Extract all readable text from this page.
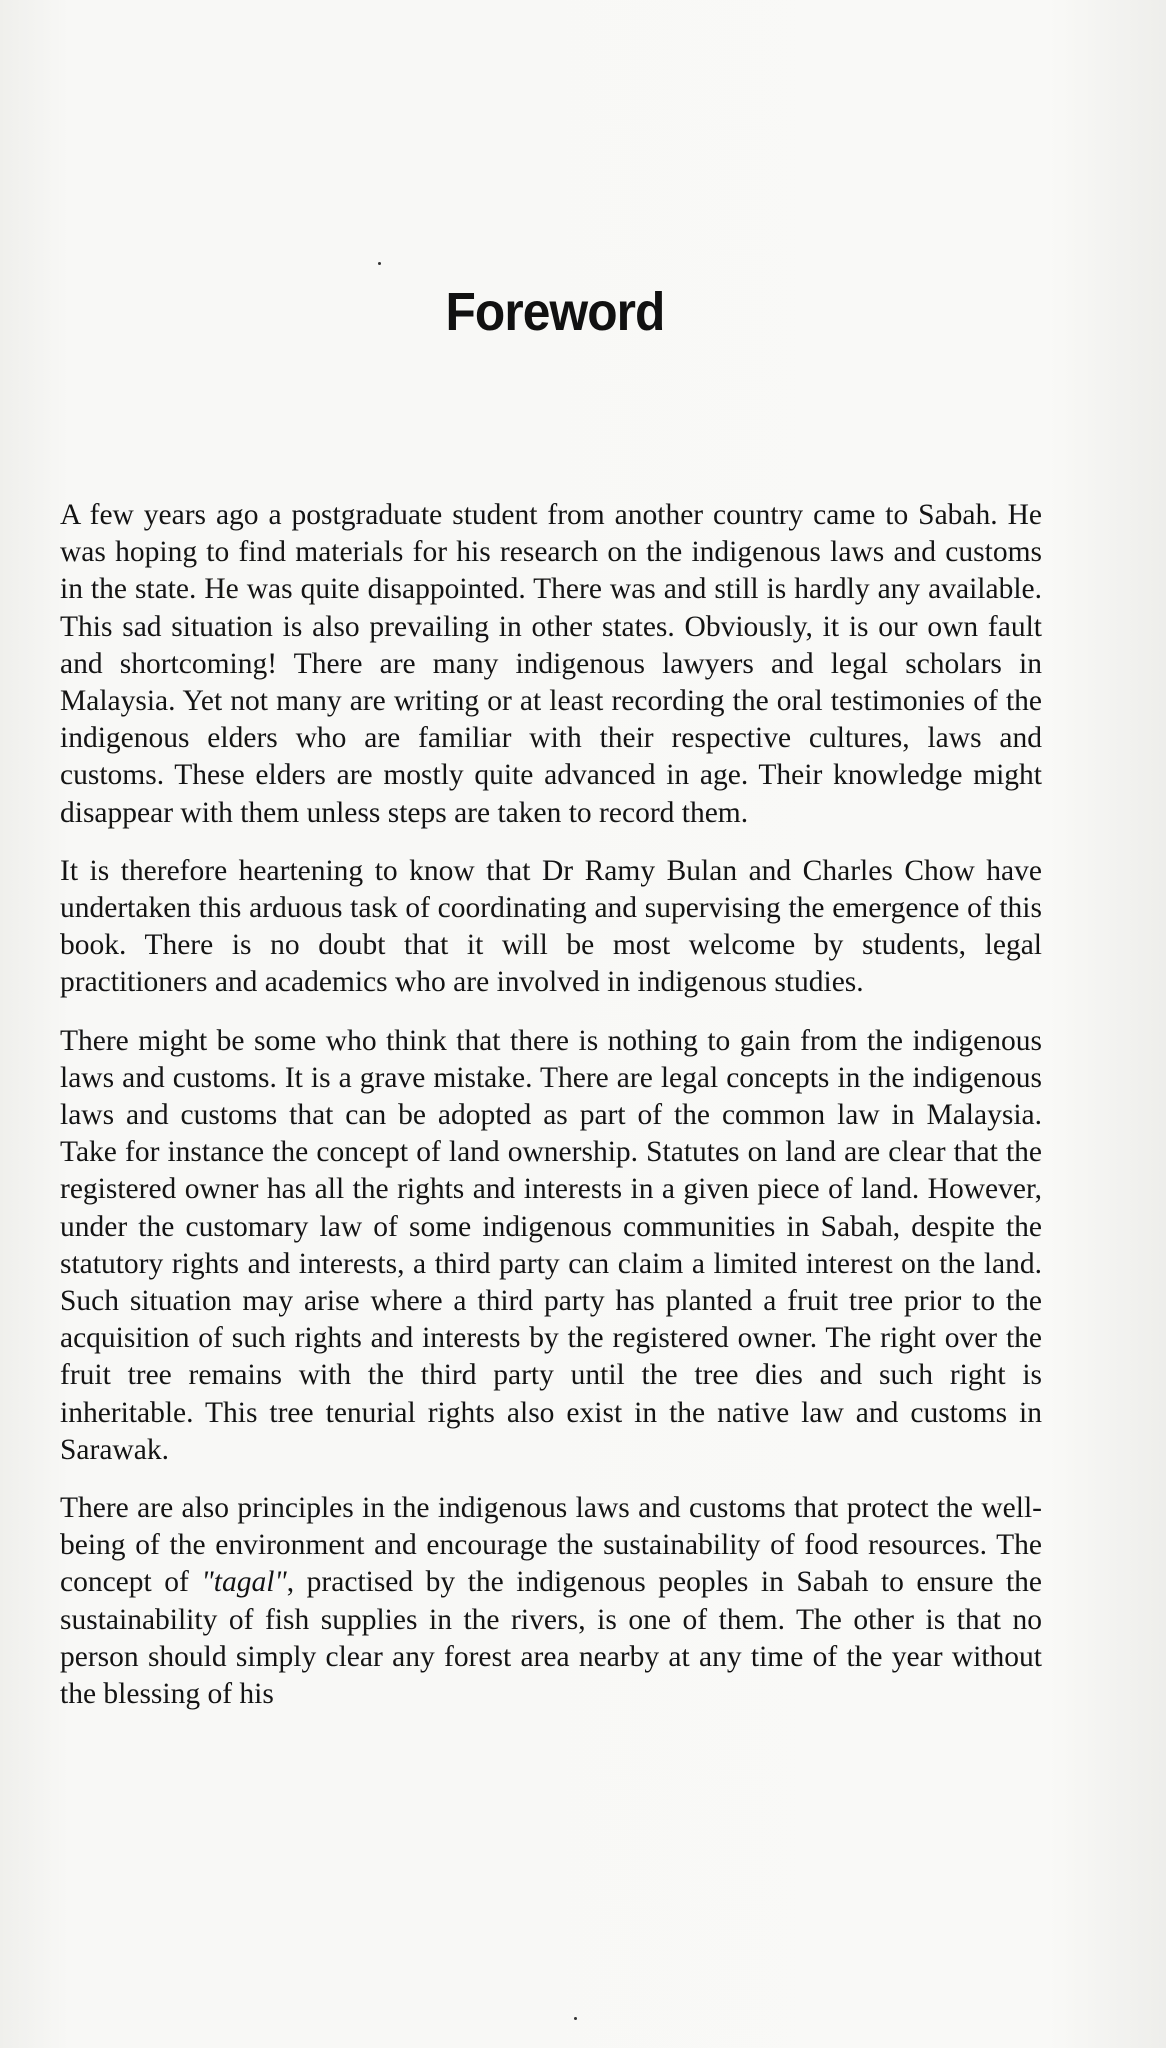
Foreword

A few years ago a postgraduate student from another country came to Sabah. He was hoping to find materials for his research on the indigenous laws and customs in the state. He was quite disappointed. There was and still is hardly any available. This sad situation is also prevailing in other states. Obviously, it is our own fault and shortcoming! There are many indigenous lawyers and legal scholars in Malaysia. Yet not many are writing or at least recording the oral testimonies of the indigenous elders who are familiar with their respective cultures, laws and customs. These elders are mostly quite advanced in age. Their knowledge might disappear with them unless steps are taken to record them.

It is therefore heartening to know that Dr Ramy Bulan and Charles Chow have undertaken this arduous task of coordinating and supervising the emergence of this book. There is no doubt that it will be most welcome by students, legal practitioners and academics who are involved in indigenous studies.

There might be some who think that there is nothing to gain from the indigenous laws and customs. It is a grave mistake. There are legal concepts in the indigenous laws and customs that can be adopted as part of the common law in Malaysia. Take for instance the concept of land ownership. Statutes on land are clear that the registered owner has all the rights and interests in a given piece of land. However, under the customary law of some indigenous communities in Sabah, despite the statutory rights and interests, a third party can claim a limited interest on the land. Such situation may arise where a third party has planted a fruit tree prior to the acquisition of such rights and interests by the registered owner. The right over the fruit tree remains with the third party until the tree dies and such right is inheritable. This tree tenurial rights also exist in the native law and customs in Sarawak.

There are also principles in the indigenous laws and customs that protect the well-being of the environment and encourage the sustainability of food resources. The concept of "tagal", practised by the indigenous peoples in Sabah to ensure the sustainability of fish supplies in the rivers, is one of them. The other is that no person should simply clear any forest area nearby at any time of the year without the blessing of his
